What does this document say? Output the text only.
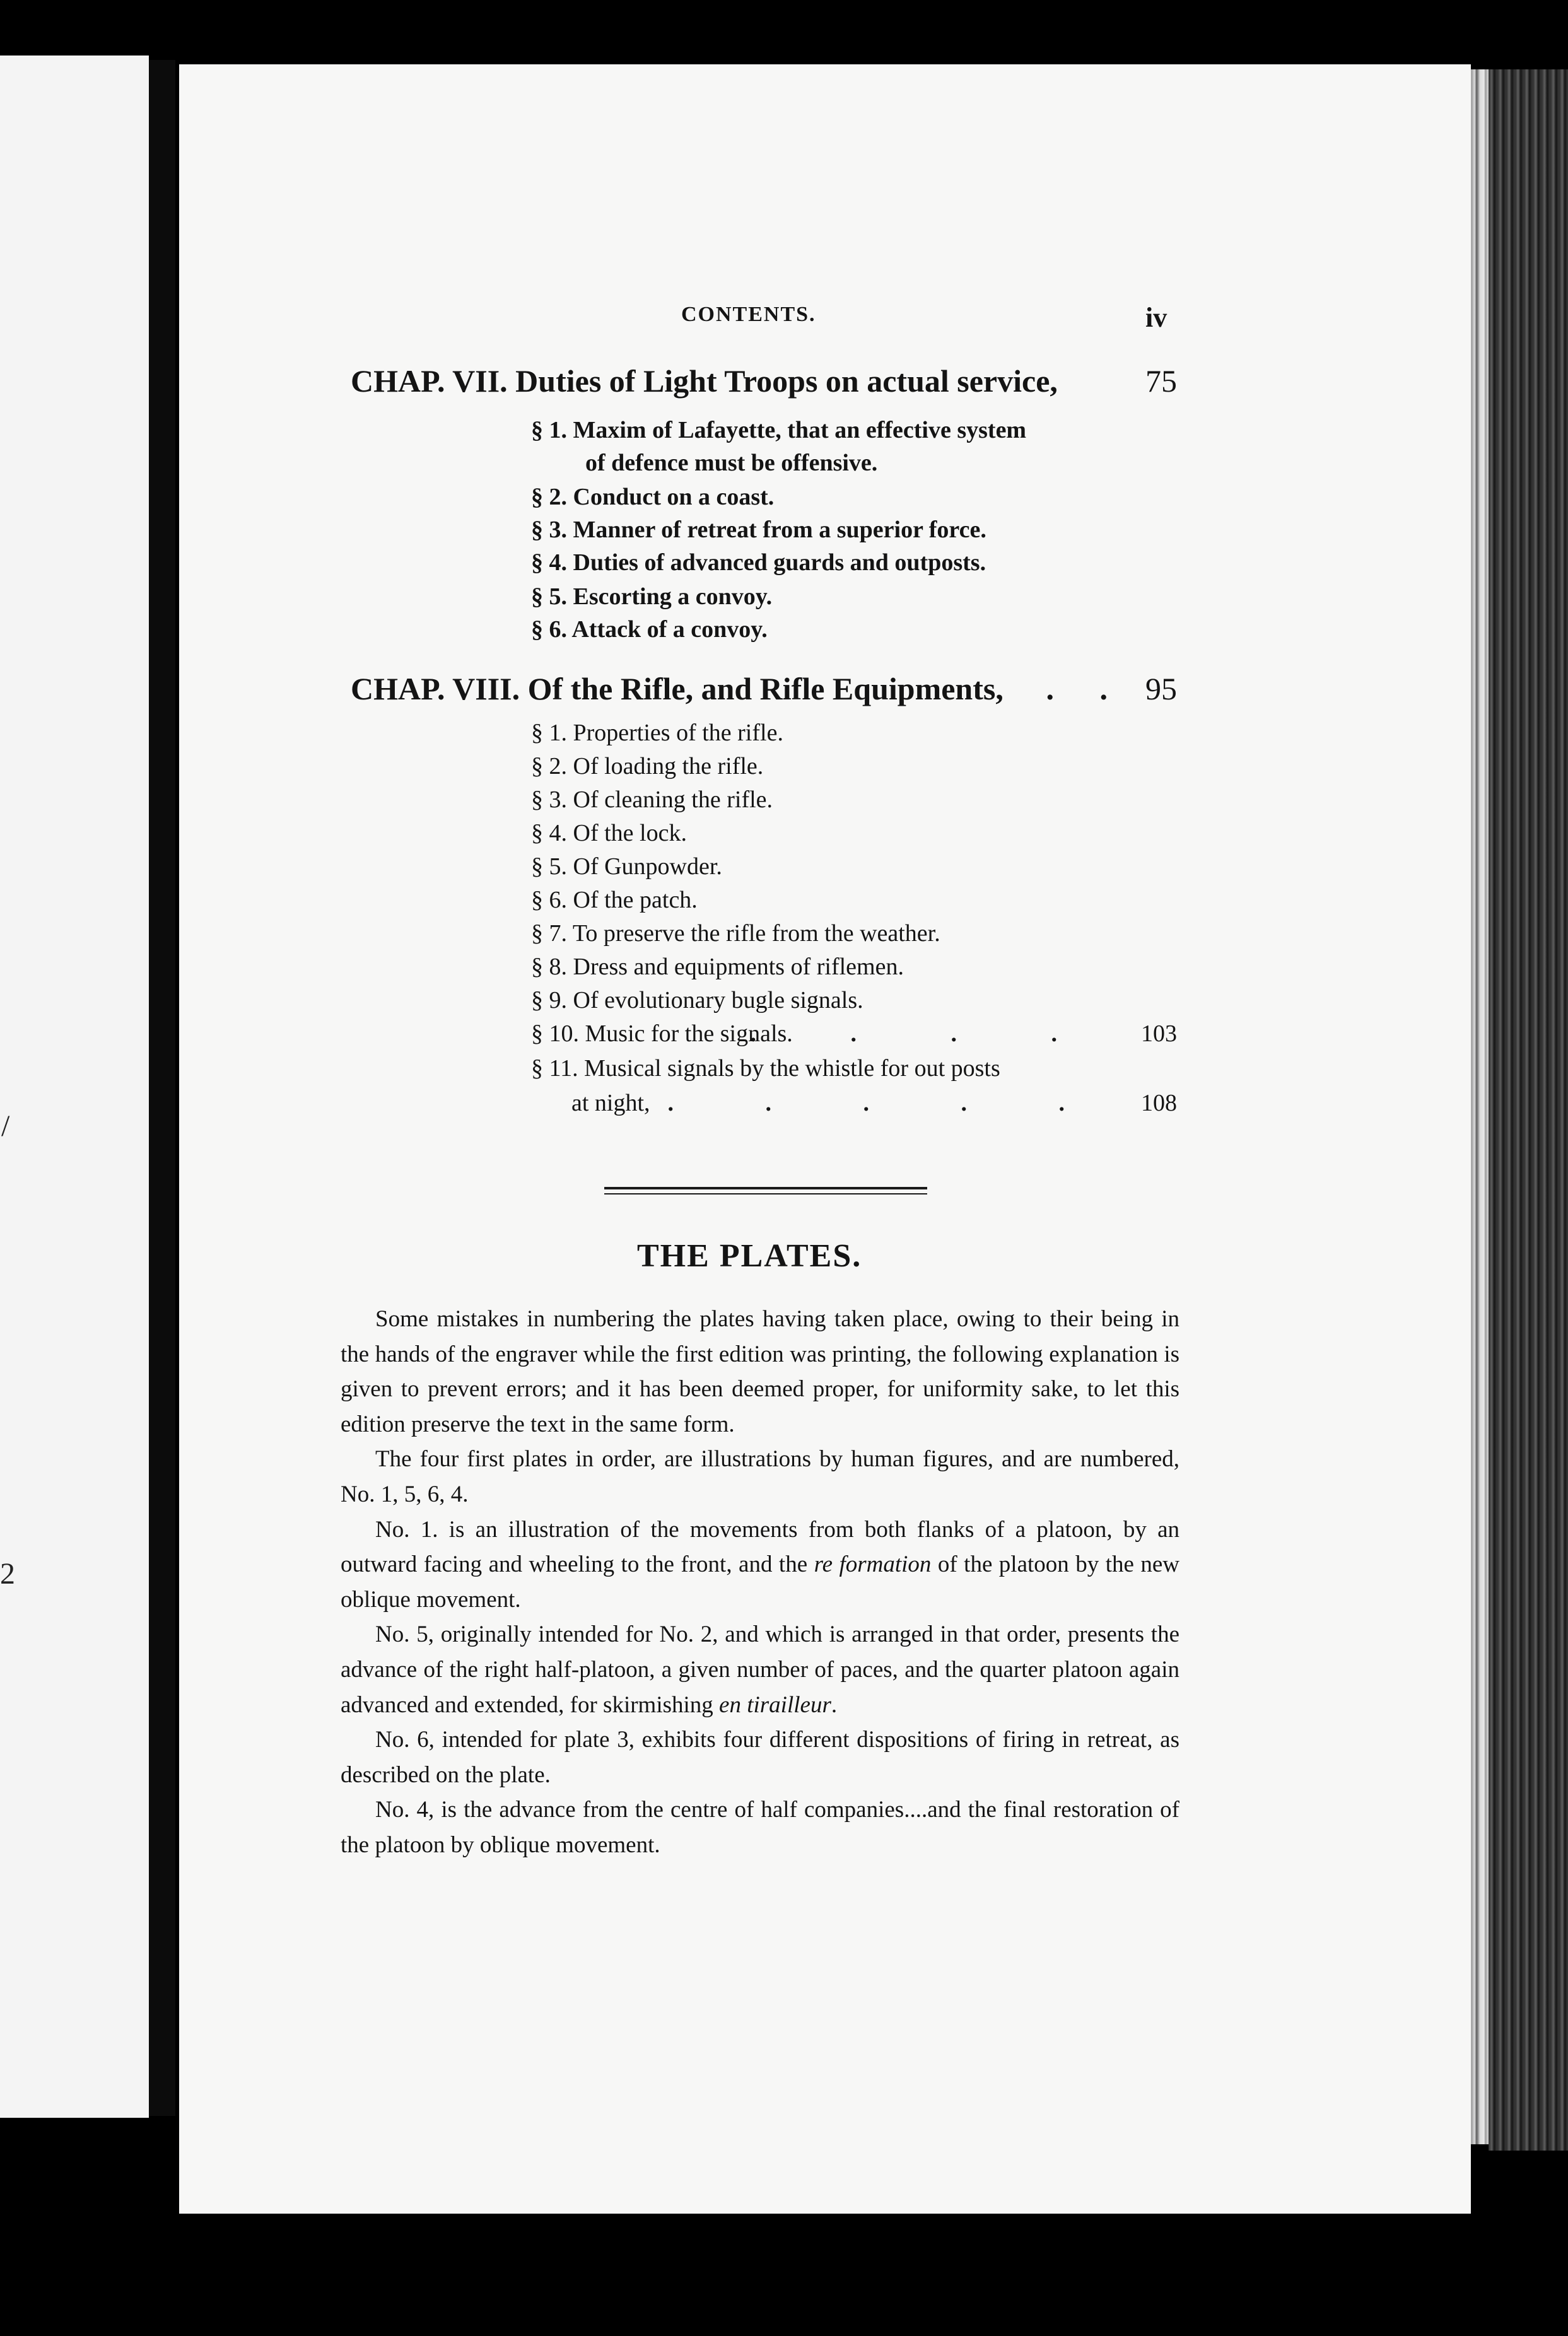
/
2
CONTENTS.	iv
CHAP. VII. Duties of Light Troops on actual service,	75
§ 1. Maxim of Lafayette, that an effective system
of defence must be offensive.
§ 2. Conduct on a coast.
§ 3. Manner of retreat from a superior force.
§ 4. Duties of advanced guards and outposts.
§ 5. Escorting a convoy.
§ 6. Attack of a convoy.
CHAP. VIII. Of the Rifle, and Rifle Equipments, . . 95
§ 1. Properties of the rifle.
§ 2. Of loading the rifle.
§ 3. Of cleaning the rifle.
§ 4. Of the lock.
§ 5. Of Gunpowder.
§ 6. Of the patch.
§ 7. To preserve the rifle from the weather.
§ 8. Dress and equipments of riflemen.
§ 9. Of evolutionary bugle signals.
§ 10. Music for the signals.
. . . . 103
§ 11. Musical signals by the whistle for out posts
at night, . . . . . 108
THE PLATES.

Some mistakes in numbering the plates having taken place, owing to their being in the hands of the engraver while the first edition was printing, the following explanation is given to prevent errors; and it has been deemed proper, for uniformity sake, to let this edition preserve the text in the same form.

The four first plates in order, are illustrations by human figures, and are numbered, No. 1, 5, 6, 4.

No. 1. is an illustration of the movements from both flanks of a platoon, by an outward facing and wheeling to the front, and the re formation of the platoon by the new oblique movement.

No. 5, originally intended for No. 2, and which is arranged in that order, presents the advance of the right half-platoon, a given number of paces, and the quarter platoon again advanced and extended, for skirmishing en tirailleur.

No. 6, intended for plate 3, exhibits four different dispositions of firing in retreat, as described on the plate.

No. 4, is the advance from the centre of half companies....and the final restoration of the platoon by oblique movement.
